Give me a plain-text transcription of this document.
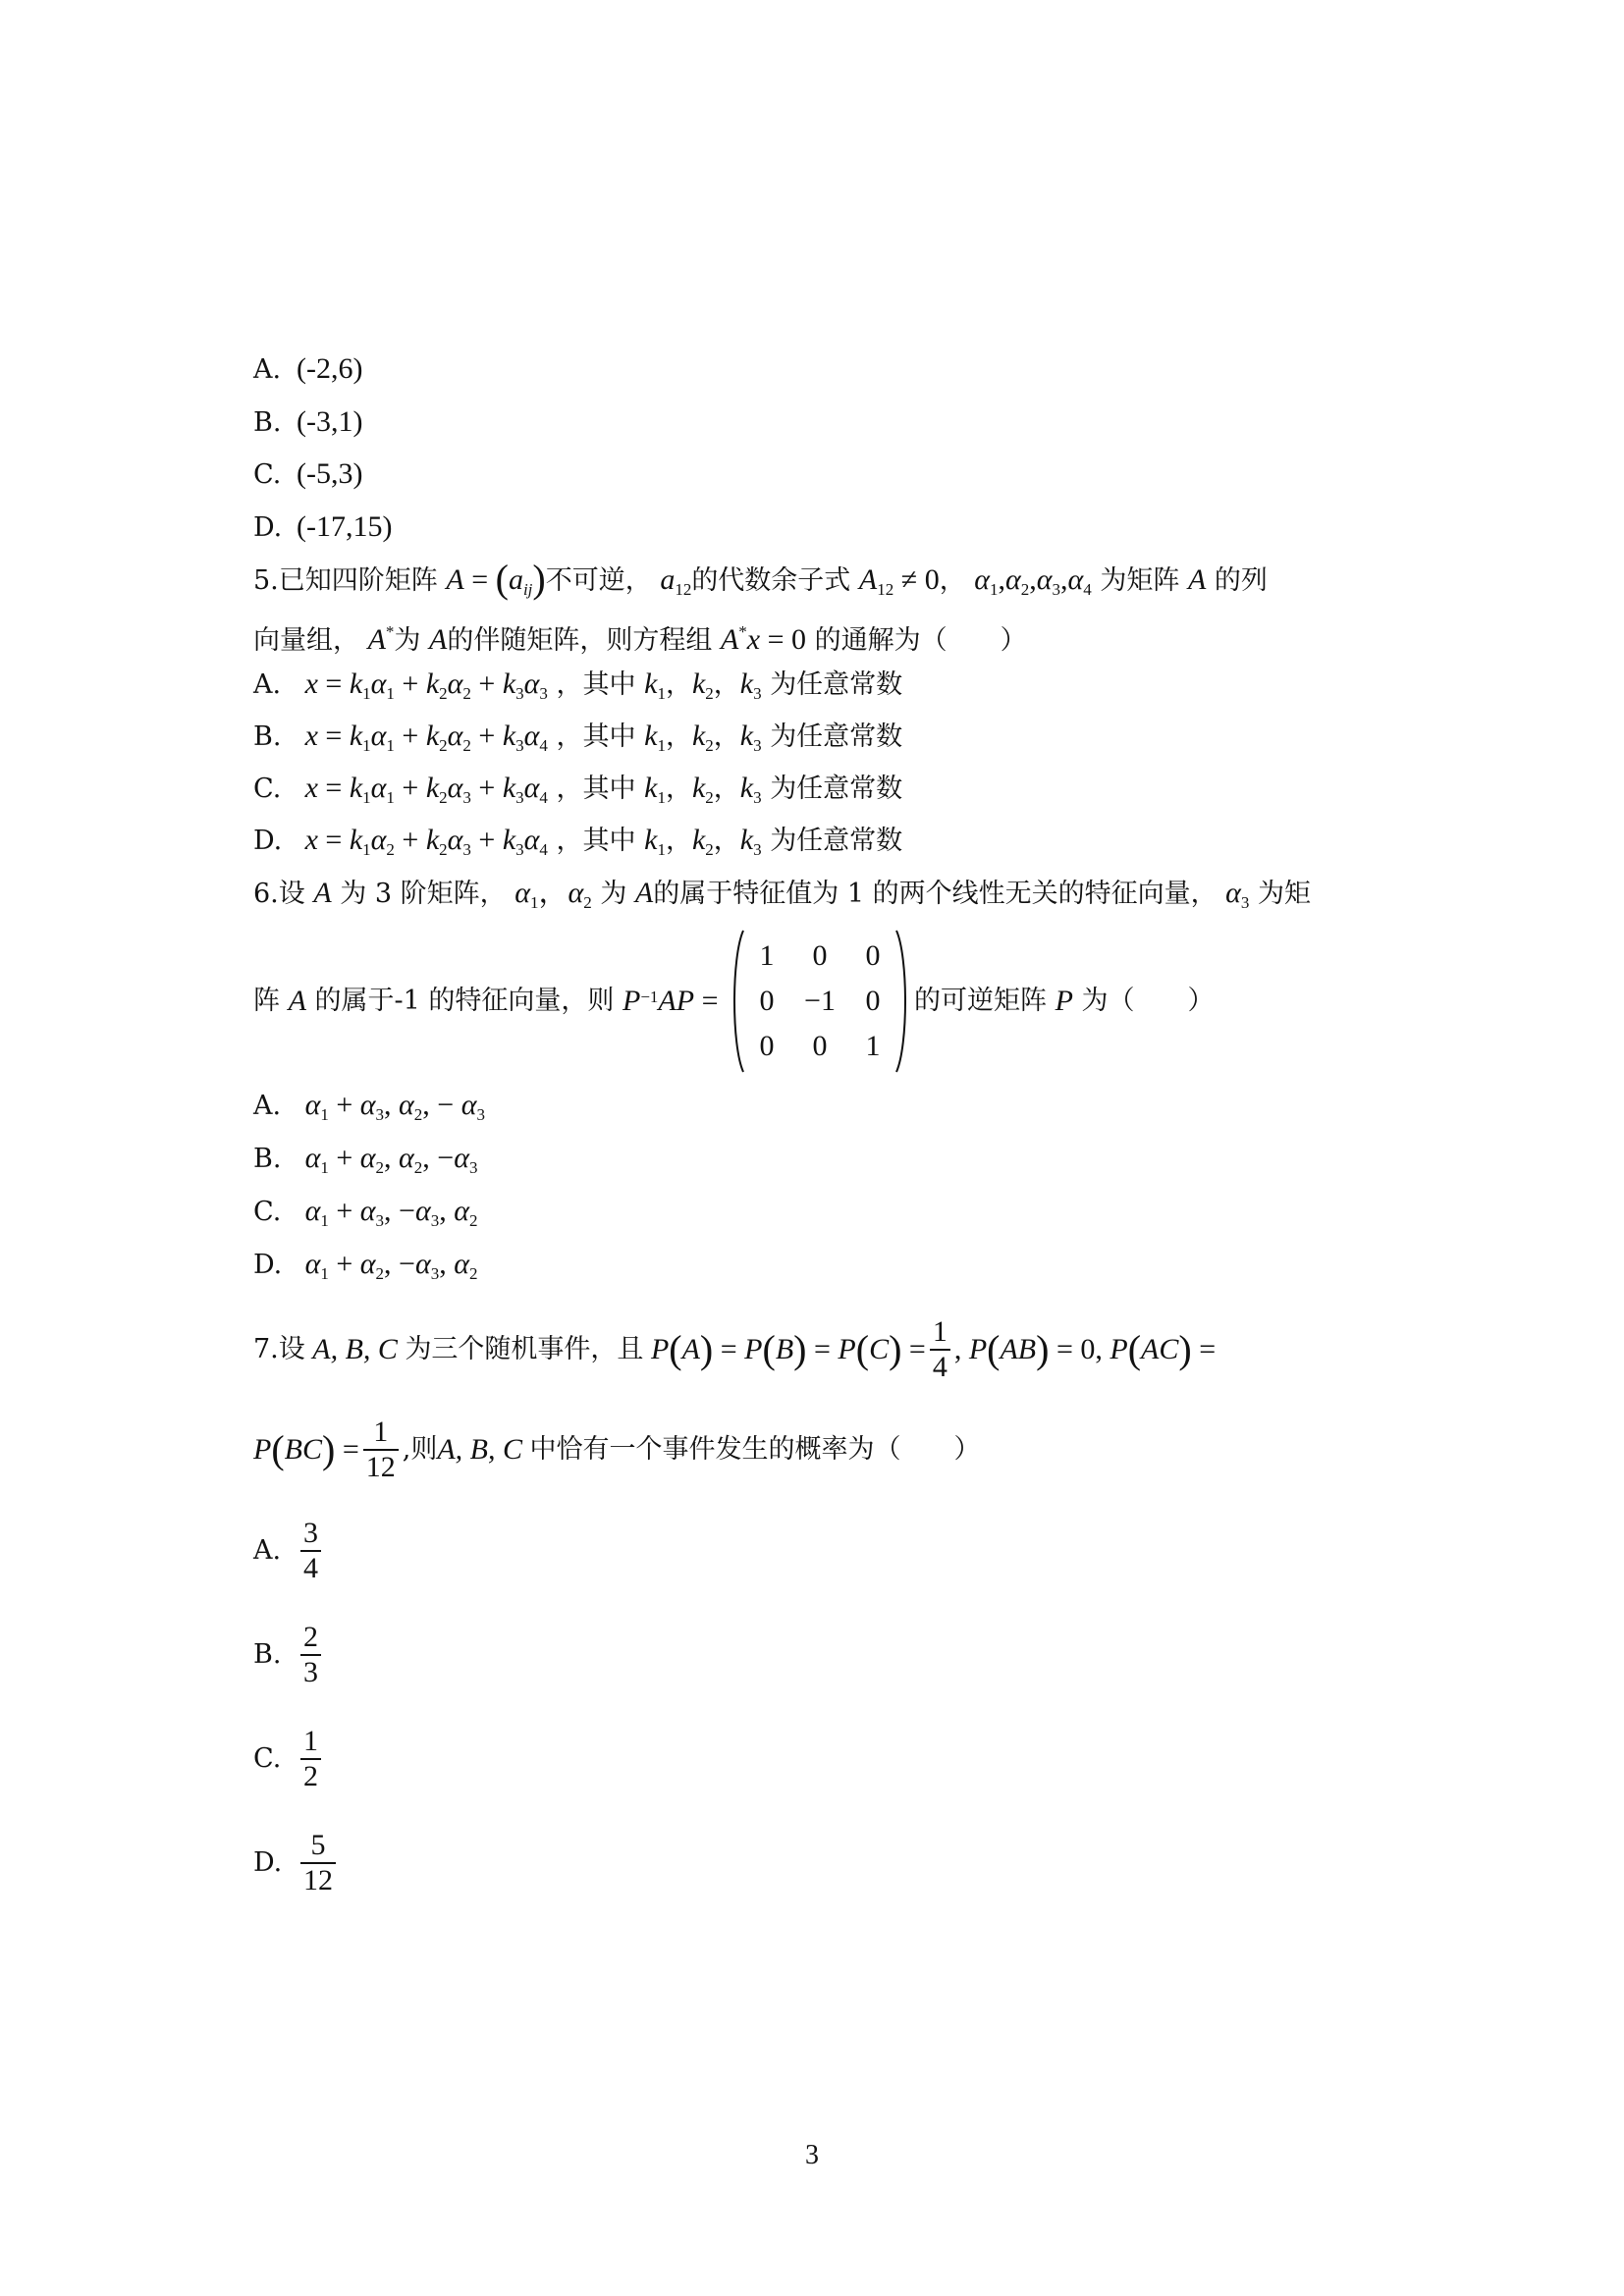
A. (-2,6)
B. (-3,1)
C. (-5,3)
D. (-17,15)
5.已知四阶矩阵 $A = (a_{ij})$不可逆， $a_{12}$的代数余子式 $A_{12} \ne 0$， $\alpha_1,\alpha_2,\alpha_3,\alpha_4$ 为矩阵 A 的列
向量组， A*为 A的伴随矩阵，则方程组 A*x = 0 的通解为（　　）
A. $x = k_1\alpha_1 + k_2\alpha_2 + k_3\alpha_3$ ，其中 $k_1$，$k_2$，$k_3$ 为任意常数
B. $x = k_1\alpha_1 + k_2\alpha_2 + k_3\alpha_4$ ，其中 $k_1$，$k_2$，$k_3$ 为任意常数
C. $x = k_1\alpha_1 + k_2\alpha_3 + k_3\alpha_4$ ，其中 $k_1$，$k_2$，$k_3$ 为任意常数
D. $x = k_1\alpha_2 + k_2\alpha_3 + k_3\alpha_4$ ，其中 $k_1$，$k_2$，$k_3$ 为任意常数
6.设 A 为 3 阶矩阵， $\alpha_1$，$\alpha_2$ 为 A的属于特征值为 1 的两个线性无关的特征向量， $\alpha_3$ 为矩
阵
A
的属于-1 的特征向量，则
P $^{-1}$ AP =
1	0	0
0	−1	0
0	0	1
的可逆矩阵
P
为（　　）
A. $\alpha_1 + \alpha_3$, $\alpha_2$, − $\alpha_3$
B. $\alpha_1 + \alpha_2$, $\alpha_2$, $-\alpha_3$
C. $\alpha_1 + \alpha_3$, $-\alpha_3$, $\alpha_2$
D. $\alpha_1 + \alpha_2$, $-\alpha_3$, $\alpha_2$
7.设 A, B, C 为三个随机事件，且 P ( A ) = P ( B ) = P ( C ) = $\frac{1}{4}$ , P ( AB ) = 0, P ( AC ) =
P ( BC ) = $\frac{1}{12}$ ,则 A, B, C 中恰有一个事件发生的概率为（　　）
A. $\frac{3}{4}$
B. $\frac{2}{3}$
C. $\frac{1}{2}$
D. $\frac{5}{12}$
3
